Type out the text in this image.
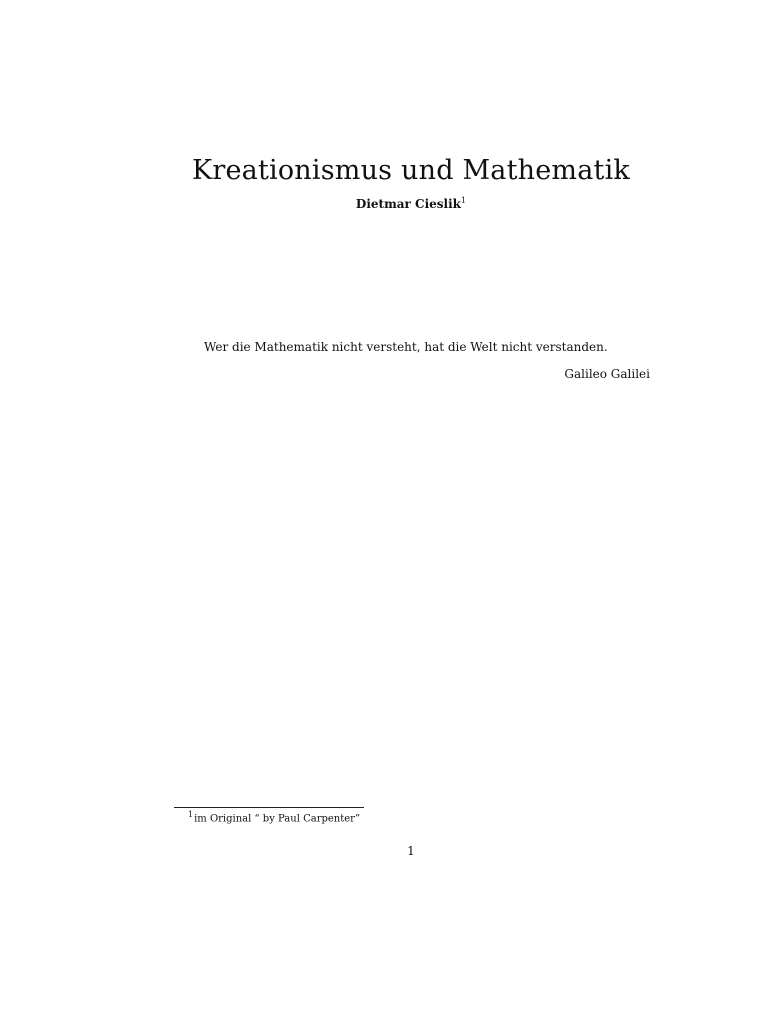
Kreationismus und Mathematik
Dietmar Cieslik$^1$
Wer die Mathematik nicht versteht, hat die Welt nicht verstanden.
Galileo Galilei
$^1$im Original “ by Paul Carpenter”
1
